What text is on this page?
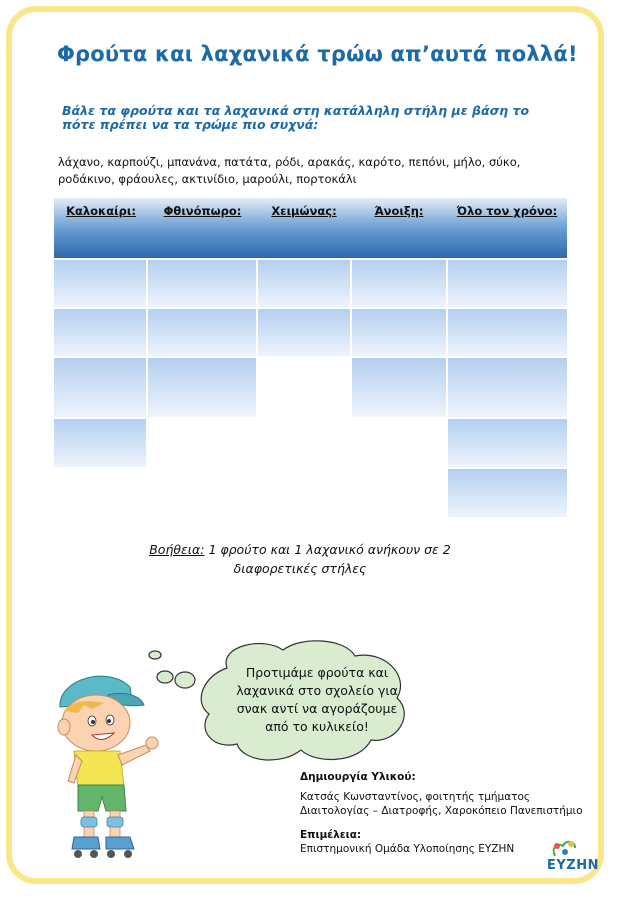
Φρούτα και λαχανικά τρώω απ’αυτά πολλά!
Βάλε τα φρούτα και τα λαχανικά στη κατάλληλη στήλη με βάση το
πότε πρέπει να τα τρώμε πιο συχνά:
λάχανο, καρπούζι, μπανάνα, πατάτα, ρόδι, αρακάς, καρότο, πεπόνι, μήλο, σύκο,
ροδάκινο, φράουλες, ακτινίδιο, μαρούλι, πορτοκάλι
Καλοκαίρι:	Φθινόπωρο:	Χειμώνας:	Άνοιξη:	Όλο τον χρόνο:
Βοήθεια: 1 φρούτο και 1 λαχανικό ανήκουν σε 2
διαφορετικές στήλες
Προτιμάμε φρούτα και
λαχανικά στο σχολείο για
σνακ αντί να αγοράζουμε
από το κυλικείο!
Δημιουργία Υλικού:
Κατσάς Κωνσταντίνος, φοιτητής τμήματος
Διαιτολογίας – Διατροφής, Χαροκόπειο Πανεπιστήμιο
Επιμέλεια:
Επιστημονική Ομάδα Υλοποίησης ΕΥΖΗΝ
ΕΥΖΗΝ
